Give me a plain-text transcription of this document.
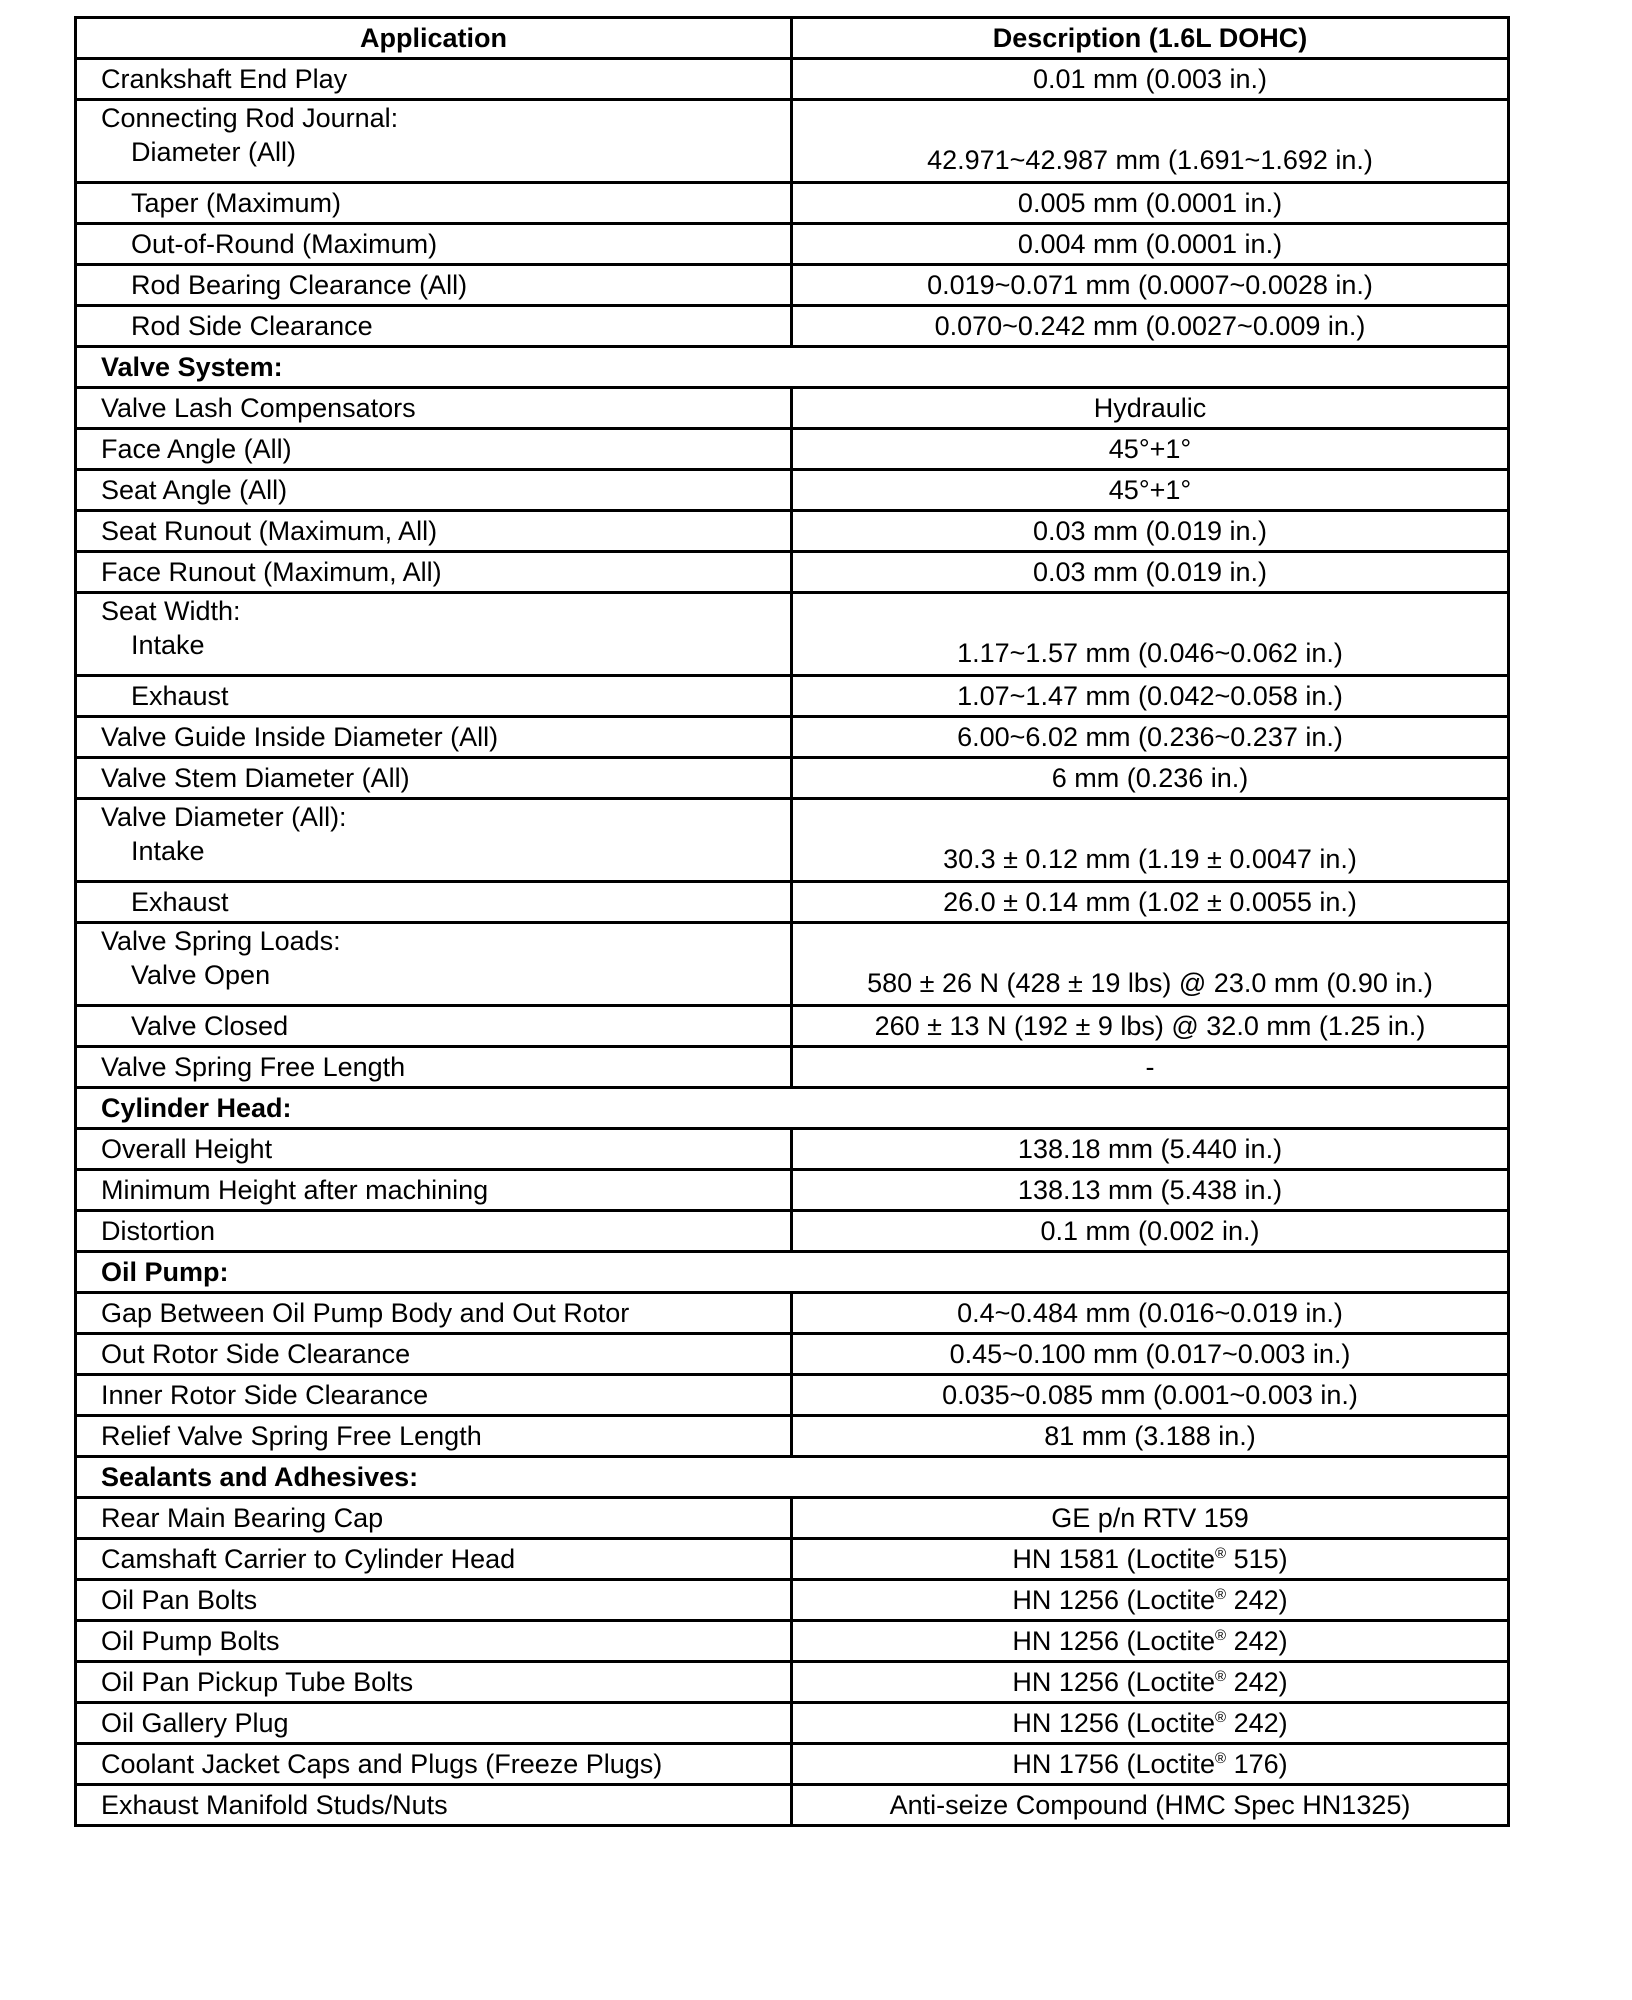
Application	Description (1.6L DOHC)
Crankshaft End Play	0.01 mm (0.003 in.)

Connecting Rod Journal:
Diameter (All)	42.971~42.987 mm (1.691~1.692 in.)
Taper (Maximum)	0.005 mm (0.0001 in.)
Out-of-Round (Maximum)	0.004 mm (0.0001 in.)
Rod Bearing Clearance (All)	0.019~0.071 mm (0.0007~0.0028 in.)
Rod Side Clearance	0.070~0.242 mm (0.0027~0.009 in.)
Valve System:	
Valve Lash Compensators	Hydraulic
Face Angle (All)	45°+1°
Seat Angle (All)	45°+1°
Seat Runout (Maximum, All)	0.03 mm (0.019 in.)
Face Runout (Maximum, All)	0.03 mm (0.019 in.)

Seat Width:
Intake	1.17~1.57 mm (0.046~0.062 in.)
Exhaust	1.07~1.47 mm (0.042~0.058 in.)
Valve Guide Inside Diameter (All)	6.00~6.02 mm (0.236~0.237 in.)
Valve Stem Diameter (All)	6 mm (0.236 in.)

Valve Diameter (All):
Intake	30.3 ± 0.12 mm (1.19 ± 0.0047 in.)
Exhaust	26.0 ± 0.14 mm (1.02 ± 0.0055 in.)

Valve Spring Loads:
Valve Open	580 ± 26 N (428 ± 19 lbs) @ 23.0 mm (0.90 in.)
Valve Closed	260 ± 13 N (192 ± 9 lbs) @ 32.0 mm (1.25 in.)
Valve Spring Free Length	-
Cylinder Head:	
Overall Height	138.18 mm (5.440 in.)
Minimum Height after machining	138.13 mm (5.438 in.)
Distortion	0.1 mm (0.002 in.)
Oil Pump:	
Gap Between Oil Pump Body and Out Rotor	0.4~0.484 mm (0.016~0.019 in.)
Out Rotor Side Clearance	0.45~0.100 mm (0.017~0.003 in.)
Inner Rotor Side Clearance	0.035~0.085 mm (0.001~0.003 in.)
Relief Valve Spring Free Length	81 mm (3.188 in.)
Sealants and Adhesives:	
Rear Main Bearing Cap	GE p/n RTV 159
Camshaft Carrier to Cylinder Head	HN 1581 (Loctite® 515)
Oil Pan Bolts	HN 1256 (Loctite® 242)
Oil Pump Bolts	HN 1256 (Loctite® 242)
Oil Pan Pickup Tube Bolts	HN 1256 (Loctite® 242)
Oil Gallery Plug	HN 1256 (Loctite® 242)
Coolant Jacket Caps and Plugs (Freeze Plugs)	HN 1756 (Loctite® 176)
Exhaust Manifold Studs/Nuts	Anti-seize Compound (HMC Spec HN1325)
